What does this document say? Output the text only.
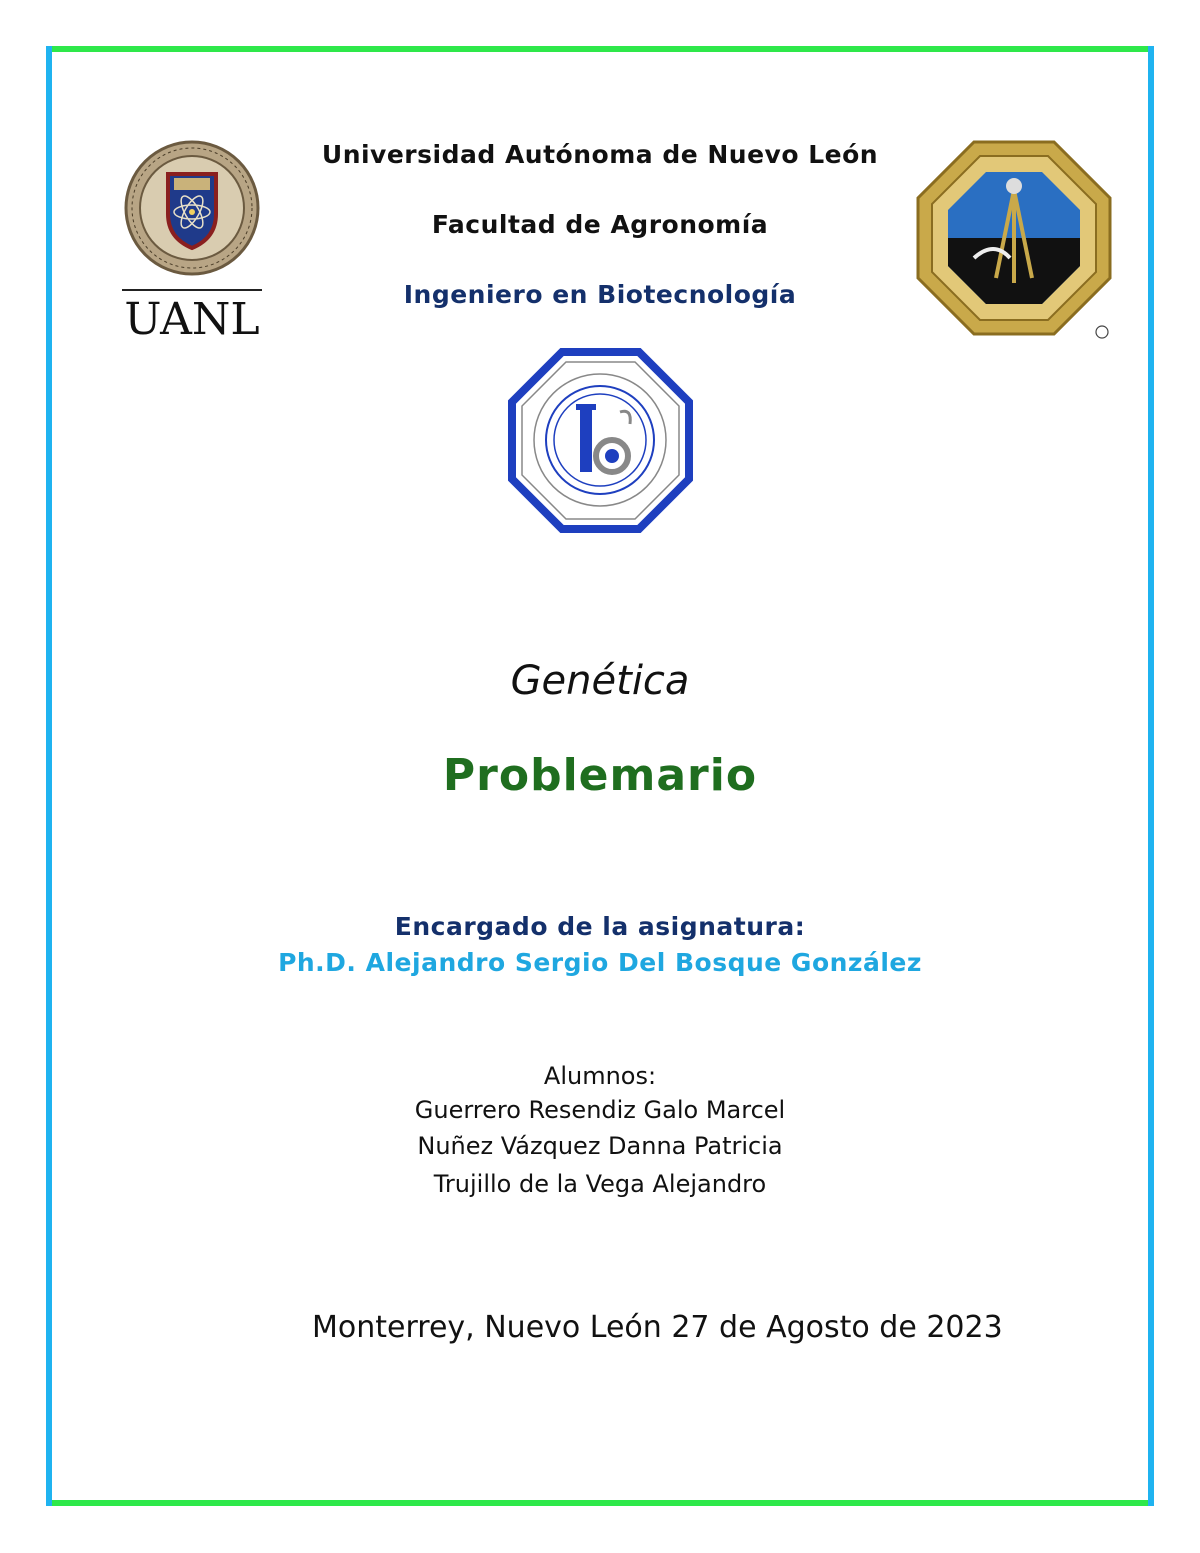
UANL
Universidad Autónoma de Nuevo León
Facultad de Agronomía
Ingeniero en Biotecnología
Genética
Problemario
Encargado de la asignatura:
Ph.D. Alejandro Sergio Del Bosque González
Alumnos:
Guerrero Resendiz Galo Marcel
Nuñez Vázquez Danna Patricia
Trujillo de la Vega Alejandro
Monterrey, Nuevo León 27 de Agosto de 2023
